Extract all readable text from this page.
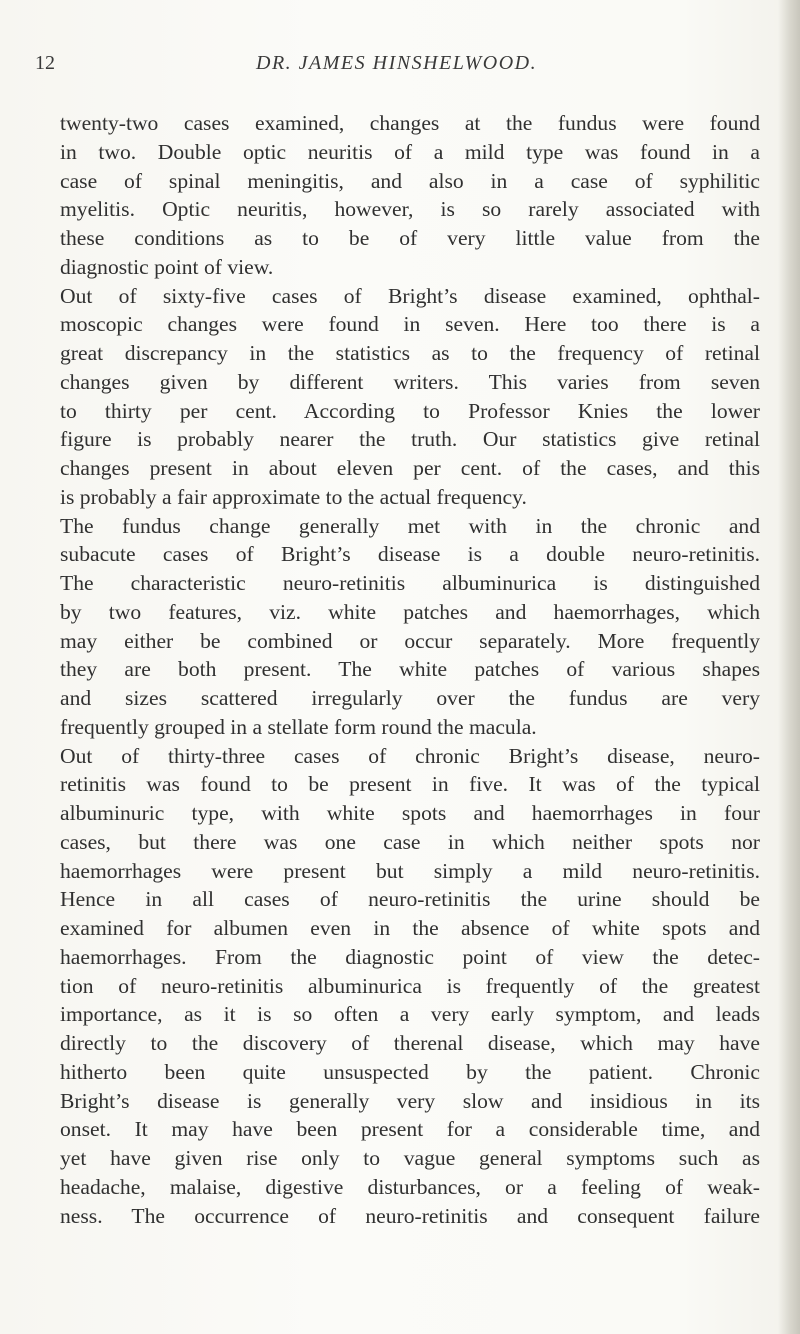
12	DR. JAMES HINSHELWOOD.
twenty-two cases examined, changes at the fundus were found
in two. Double optic neuritis of a mild type was found in a
case of spinal meningitis, and also in a case of syphilitic
myelitis. Optic neuritis, however, is so rarely associated with
these conditions as to be of very little value from the
diagnostic point of view.
Out of sixty-five cases of Bright’s disease examined, ophthal-
moscopic changes were found in seven. Here too there is a
great discrepancy in the statistics as to the frequency of retinal
changes given by different writers. This varies from seven
to thirty per cent. According to Professor Knies the lower
figure is probably nearer the truth. Our statistics give retinal
changes present in about eleven per cent. of the cases, and this
is probably a fair approximate to the actual frequency.
The fundus change generally met with in the chronic and
subacute cases of Bright’s disease is a double neuro-retinitis.
The characteristic neuro-retinitis albuminurica is distinguished
by two features, viz. white patches and haemorrhages, which
may either be combined or occur separately. More frequently
they are both present. The white patches of various shapes
and sizes scattered irregularly over the fundus are very
frequently grouped in a stellate form round the macula.
Out of thirty-three cases of chronic Bright’s disease, neuro-
retinitis was found to be present in five. It was of the typical
albuminuric type, with white spots and haemorrhages in four
cases, but there was one case in which neither spots nor
haemorrhages were present but simply a mild neuro-retinitis.
Hence in all cases of neuro-retinitis the urine should be
examined for albumen even in the absence of white spots and
haemorrhages. From the diagnostic point of view the detec-
tion of neuro-retinitis albuminurica is frequently of the greatest
importance, as it is so often a very early symptom, and leads
directly to the discovery of therenal disease, which may have
hitherto been quite unsuspected by the patient. Chronic
Bright’s disease is generally very slow and insidious in its
onset. It may have been present for a considerable time, and
yet have given rise only to vague general symptoms such as
headache, malaise, digestive disturbances, or a feeling of weak-
ness. The occurrence of neuro-retinitis and consequent failure
